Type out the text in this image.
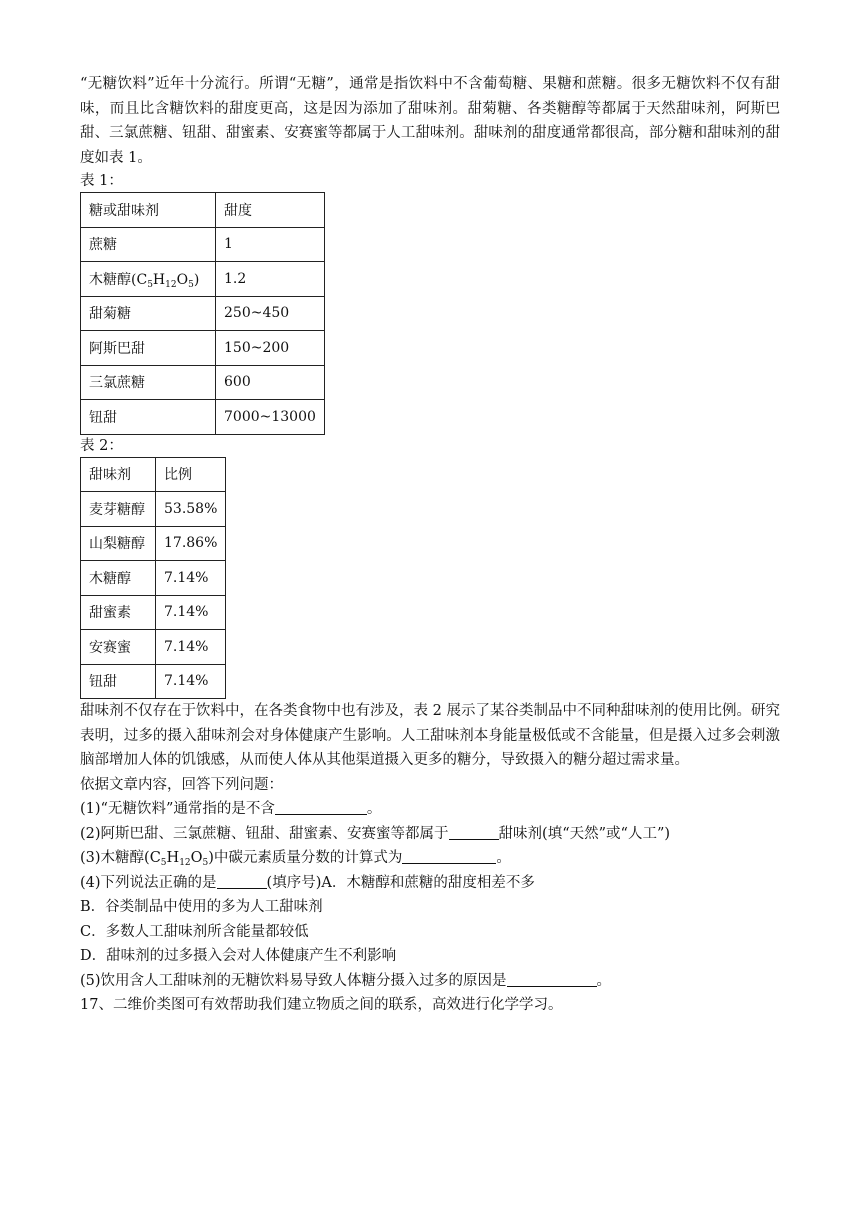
“无糖饮料”近年十分流行。所谓“无糖”，通常是指饮料中不含葡萄糖、果糖和蔗糖。很多无糖饮料不仅有甜味，而且比含糖饮料的甜度更高，这是因为添加了甜味剂。甜菊糖、各类糖醇等都属于天然甜味剂，阿斯巴甜、三氯蔗糖、钮甜、甜蜜素、安赛蜜等都属于人工甜味剂。甜味剂的甜度通常都很高，部分糖和甜味剂的甜度如表 1。

表 1：

糖或甜味剂	甜度
蔗糖	1
木糖醇$(C_5H_{12}O_5)$	1.2
甜菊糖	250~450
阿斯巴甜	150~200
三氯蔗糖	600
钮甜	7000~13000

表 2：

甜味剂	比例
麦芽糖醇	53.58%
山梨糖醇	17.86%
木糖醇	7.14%
甜蜜素	7.14%
安赛蜜	7.14%
钮甜	7.14%

甜味剂不仅存在于饮料中，在各类食物中也有涉及，表 2 展示了某谷类制品中不同种甜味剂的使用比例。研究表明，过多的摄入甜味剂会对身体健康产生影响。人工甜味剂本身能量极低或不含能量，但是摄入过多会刺激脑部增加人体的饥饿感，从而使人体从其他渠道摄入更多的糖分，导致摄入的糖分超过需求量。

依据文章内容，回答下列问题：

(1)“无糖饮料”通常指的是不含	。

(2)阿斯巴甜、三氯蔗糖、钮甜、甜蜜素、安赛蜜等都属于	甜味剂(填“天然”或“人工”)

(3)木糖醇$(C_5H_{12}O_5)$中碳元素质量分数的计算式为	。

(4)下列说法正确的是	(填序号)A．木糖醇和蔗糖的甜度相差不多

B．谷类制品中使用的多为人工甜味剂

C．多数人工甜味剂所含能量都较低

D．甜味剂的过多摄入会对人体健康产生不利影响

(5)饮用含人工甜味剂的无糖饮料易导致人体糖分摄入过多的原因是	。

17、二维价类图可有效帮助我们建立物质之间的联系，高效进行化学学习。
